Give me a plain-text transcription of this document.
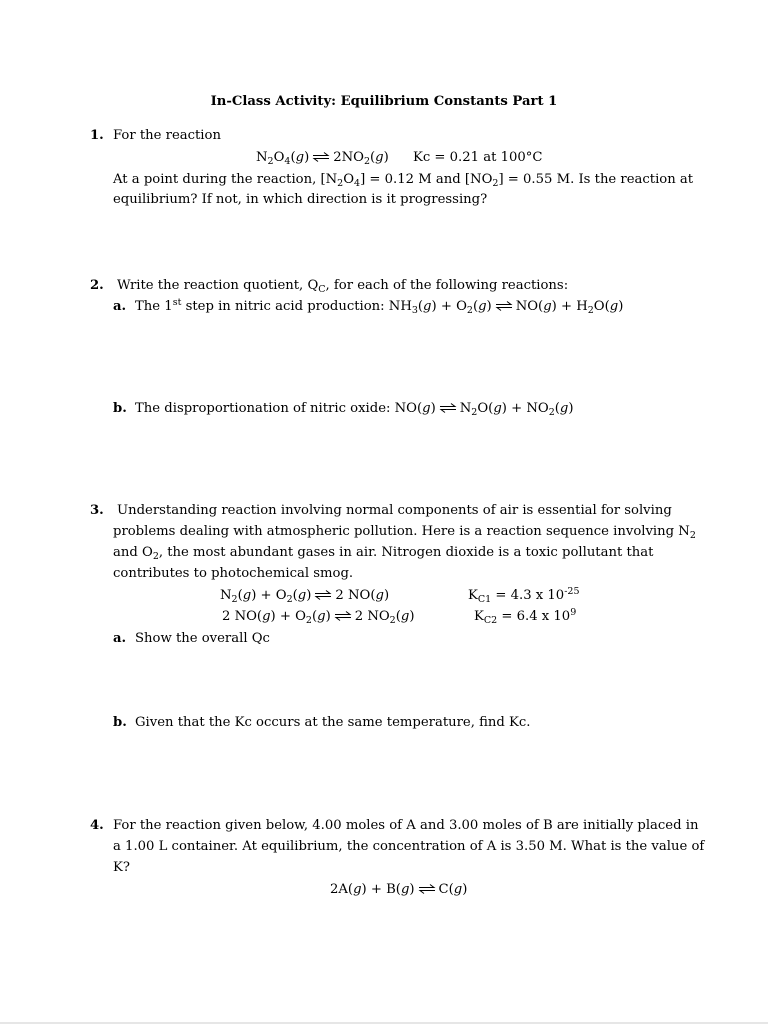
In-Class Activity: Equilibrium Constants Part 1
1. For the reaction
$N_2O_4(g)$ ⇌ $2NO_2(g) Kc = 0.21$ at 100°C
At a point during the reaction, $[N_2O_4] = 0.12$ M and $[NO_2] = 0.55$ M. Is the reaction at
equilibrium? If not, in which direction is it progressing?
2. Write the reaction quotient, $Q_C$, for each of the following reactions:
a. The 1st step in nitric acid production: $NH_3(g) + O_2(g)$ ⇌ $NO(g) + H_2O(g)$
b. The disproportionation of nitric oxide: NO(g) ⇌ $N_2O(g) + NO_2(g)$
3. Understanding reaction involving normal components of air is essential for solving
problems dealing with atmospheric pollution. Here is a reaction sequence involving $N_2$
and $O_2$, the most abundant gases in air. Nitrogen dioxide is a toxic pollutant that
contributes to photochemical smog.
$N_2(g) + O_2(g)$ ⇌ 2 NO(g)	$K_{C1} = 4.3$ x $10^{-25}$
2 $NO(g) + O_2(g)$ ⇌ 2 $NO_2(g)$	$K_{C2} = 6.4$ x $10^9$
a. Show the overall Qc
b. Given that the Kc occurs at the same temperature, find Kc.
4. For the reaction given below, 4.00 moles of A and 3.00 moles of B are initially placed in
a 1.00 L container. At equilibrium, the concentration of A is 3.50 M. What is the value of
K?
2A(g) + B(g) ⇌ C(g)
